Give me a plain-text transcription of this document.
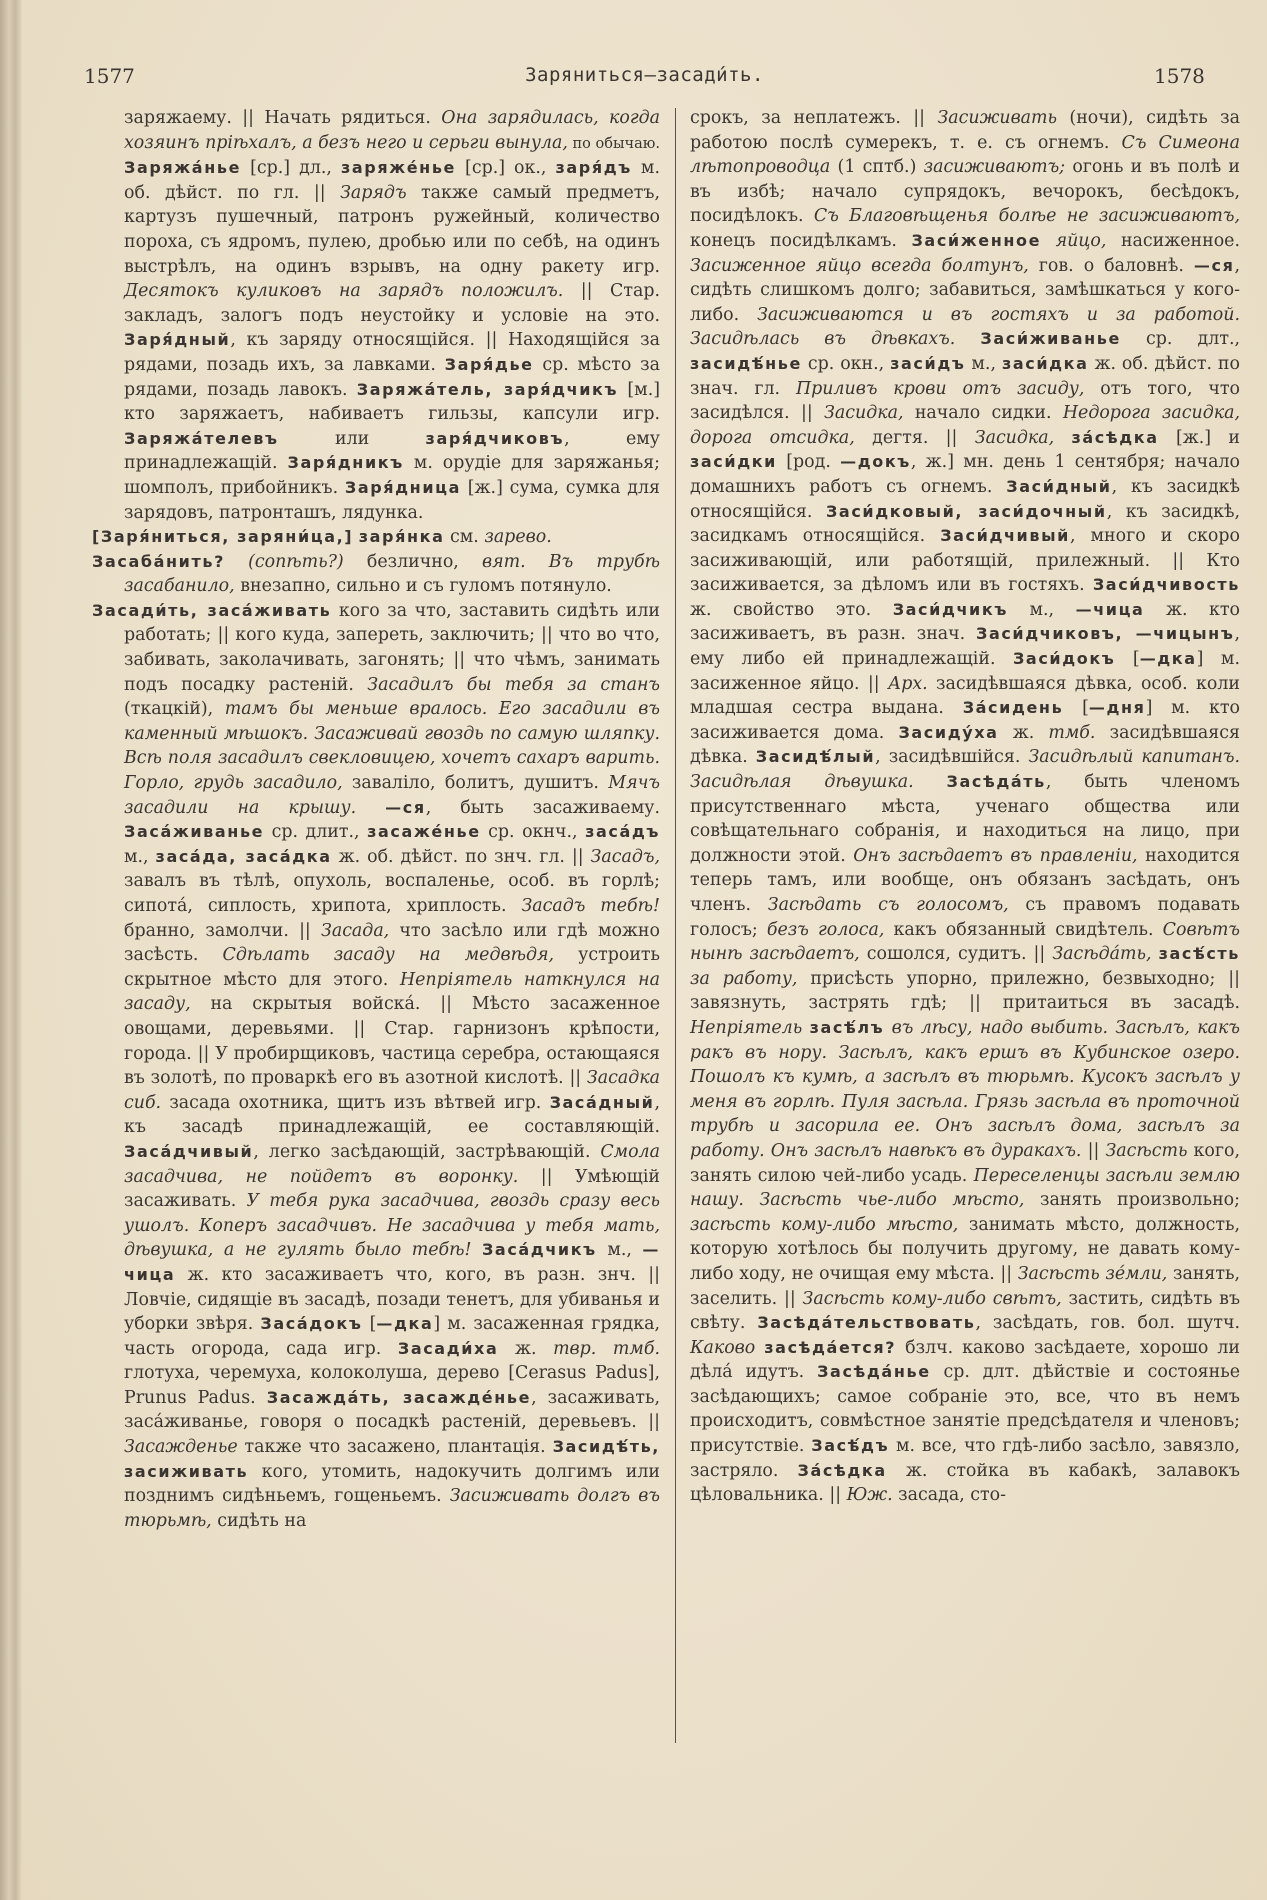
1577	Зарянитьcя—засади́ть.	1578

заряжаему. || Начать рядиться. Она зарядилась, когда хозяинъ пріѣхалъ, а безъ него и серьги вынула, по обычаю. Заряжа́нье [ср.] дл., заряже́нье [ср.] ок., заря́дъ м. об. дѣйст. по гл. || Зарядъ также самый предметъ, картузъ пушечный, патронъ ружейный, количество пороха, съ ядромъ, пулею, дробью или по себѣ, на одинъ выстрѣлъ, на одинъ взрывъ, на одну ракету игр. Десятокъ куликовъ на зарядъ положилъ. || Стар. закладъ, залогъ подъ неустойку и условіе на это. Заря́дный, къ заряду относящійся. || Находящійся за рядами, позадь ихъ, за лавками. Заря́дье ср. мѣсто за рядами, позадь лавокъ. Заряжа́тель, заря́дчикъ [м.] кто заряжаетъ, набиваетъ гильзы, капсули игр. Заряжа́телевъ или заря́дчиковъ, ему принадлежащій. Заря́дникъ м. орудіе для заряжанья; шомполъ, прибойникъ. Заря́дница [ж.] сума, сумка для зарядовъ, патронташъ, лядунка.

[Заря́ниться, заряни́ца,] заря́нка см. зарево.

Засаба́нить? (сопѣть?) безлично, вят. Въ трубѣ засабанило, внезапно, сильно и съ гуломъ потянуло.

Засади́ть, заса́живать кого за что, заставить сидѣть или работать; || кого куда, запереть, заключить; || что во что, забивать, заколачивать, загонять; || что чѣмъ, занимать подъ посадку растеній. Засадилъ бы тебя за станъ (ткацкій), тамъ бы меньше вралось. Его засадили въ каменный мѣшокъ. Засаживай гвоздь по самую шляпку. Всѣ поля засадилъ свекловицею, хочетъ сахаръ варить. Горло, грудь засадило, заваліло, болитъ, душитъ. Мячъ засадили на крышу. —ся, быть засаживаему. Заса́живанье ср. длит., засаже́нье ср. окнч., заса́дъ м., заса́да, заса́дка ж. об. дѣйст. по знч. гл. || Засадъ, завалъ въ тѣлѣ, опухоль, воспаленье, особ. въ горлѣ; сипота́, сиплость, хрипота, хриплость. Засадъ тебѣ! бранно, замолчи. || Засада, что засѣло или гдѣ можно засѣсть. Сдѣлать засаду на медвѣдя, устроить скрытное мѣсто для этого. Непріятель наткнулся на засаду, на скрытыя войска́. || Мѣсто засаженное овощами, деревьями. || Стар. гарнизонъ крѣпости, города. || У пробирщиковъ, частица серебра, остающаяся въ золотѣ, по проваркѣ его въ азотной кислотѣ. || Засадка сиб. засада охотника, щитъ изъ вѣтвей игр. Заса́дный, къ засадѣ принадлежащій, ее составляющій. Заса́дчивый, легко засѣдающій, застрѣвающій. Смола засадчива, не пойдетъ въ воронку. || Умѣющій засаживать. У тебя рука засадчива, гвоздь сразу весь ушолъ. Коперъ засадчивъ. Не засадчива у тебя мать, дѣвушка, а не гулять было тебѣ! Заса́дчикъ м., —чица ж. кто засаживаетъ что, кого, въ разн. знч. || Ловчіе, сидящіе въ засадѣ, позади тенетъ, для убиванья и уборки звѣря. Заса́докъ [—дка] м. засаженная грядка, часть огорода, сада игр. Засади́ха ж. твр. тмб. глотуха, черемуха, колоколуша, дерево [Cerasus Padus], Prunus Padus. Засажда́ть, засажде́нье, засаживать, заса́живанье, говоря о посадкѣ растеній, деревьевъ. || Засажденье также что засажено, плантація. Засидѣ́ть, засиживать кого, утомить, надокучить долгимъ или позднимъ сидѣньемъ, гощеньемъ. Засиживать долгъ въ тюрьмѣ, сидѣть на

срокъ, за неплатежъ. || Засиживать (ночи), сидѣть за работою послѣ сумерекъ, т. е. съ огнемъ. Съ Симеона лѣтопроводца (1 сптб.) засиживаютъ; огонь и въ полѣ и въ избѣ; начало супрядокъ, вечорокъ, бесѣдокъ, посидѣлокъ. Съ Благовѣщенья болѣе не засиживаютъ, конецъ посидѣлкамъ. Заси́женное яйцо, насиженное. Засиженное яйцо всегда болтунъ, гов. о баловнѣ. —ся, сидѣть слишкомъ долго; забавиться, замѣшкаться у кого-либо. Засиживаются и въ гостяхъ и за работой. Засидѣлась въ дѣвкахъ. Заси́живанье ср. длт., засидѣ́нье ср. окн., заси́дъ м., заси́дка ж. об. дѣйст. по знач. гл. Приливъ крови отъ засиду, отъ того, что засидѣлся. || Засидка, начало сидки. Недорога засидка, дорога отсидка, дегтя. || Засидка, за́сѣдка [ж.] и заси́дки [род. —докъ, ж.] мн. день 1 сентября; начало домашнихъ работъ съ огнемъ. Заси́дный, къ засидкѣ относящійся. Заси́дковый, заси́дочный, къ засидкѣ, засидкамъ относящійся. Заси́дчивый, много и скоро засиживающій, или работящій, прилежный. || Кто засиживается, за дѣломъ или въ гостяхъ. Заси́дчивость ж. свойство это. Заси́дчикъ м., —чица ж. кто засиживаетъ, въ разн. знач. Заси́дчиковъ, —чицынъ, ему либо ей принадлежащій. Заси́докъ [—дка] м. засиженное яйцо. || Арх. засидѣвшаяся дѣвка, особ. коли младшая сестра выдана. За́сидень [—дня] м. кто засиживается дома. Засиду́ха ж. тмб. засидѣвшаяся дѣвка. Засидѣ́лый, засидѣвшійся. Засидѣлый капитанъ. Засидѣлая дѣвушка. Засѣда́ть, быть членомъ присутственнаго мѣста, ученаго общества или совѣщательнаго собранія, и находиться на лицо, при должности этой. Онъ засѣдаетъ въ правленіи, находится теперь тамъ, или вообще, онъ обязанъ засѣдать, онъ членъ. Засѣдать съ голосомъ, съ правомъ подавать голосъ; безъ голоса, какъ обязанный свидѣтель. Совѣтъ нынѣ засѣдаетъ, сошолся, судитъ. || Засѣда́ть, засѣ́сть за работу, присѣсть упорно, прилежно, безвыходно; || завязнуть, застрять гдѣ; || притаиться въ засадѣ. Непріятель засѣ́лъ въ лѣсу, надо выбить. Засѣлъ, какъ ракъ въ нору. Засѣлъ, какъ ершъ въ Кубинское озеро. Пошолъ къ кумѣ, а засѣлъ въ тюрьмѣ. Кусокъ засѣлъ у меня въ горлѣ. Пуля засѣла. Грязь засѣла въ проточной трубѣ и засорила ее. Онъ засѣлъ дома, засѣлъ за работу. Онъ засѣлъ навѣкъ въ дуракахъ. || Засѣсть кого, занять силою чей-либо усадь. Переселенцы засѣли землю нашу. Засѣсть чье-либо мѣсто, занять произвольно; засѣсть кому-либо мѣсто, занимать мѣсто, должность, которую хотѣлось бы получить другому, не давать кому-либо ходу, не очищая ему мѣста. || Засѣсть зе́мли, занять, заселить. || Засѣсть кому-либо свѣтъ, застить, сидѣть въ свѣту. Засѣда́тельствовать, засѣдать, гов. бол. шутч. Каково засѣда́ется? бзлч. каково засѣдаете, хорошо ли дѣла́ идутъ. Засѣда́нье ср. длт. дѣйствіе и состоянье засѣдающихъ; самое собраніе это, все, что въ немъ происходитъ, совмѣстное занятіе предсѣдателя и членовъ; присутствіе. Засѣ́дъ м. все, что гдѣ-либо засѣло, завязло, застряло. За́сѣдка ж. стойка въ кабакѣ, залавокъ цѣловальника. || Юж. засада, сто-
